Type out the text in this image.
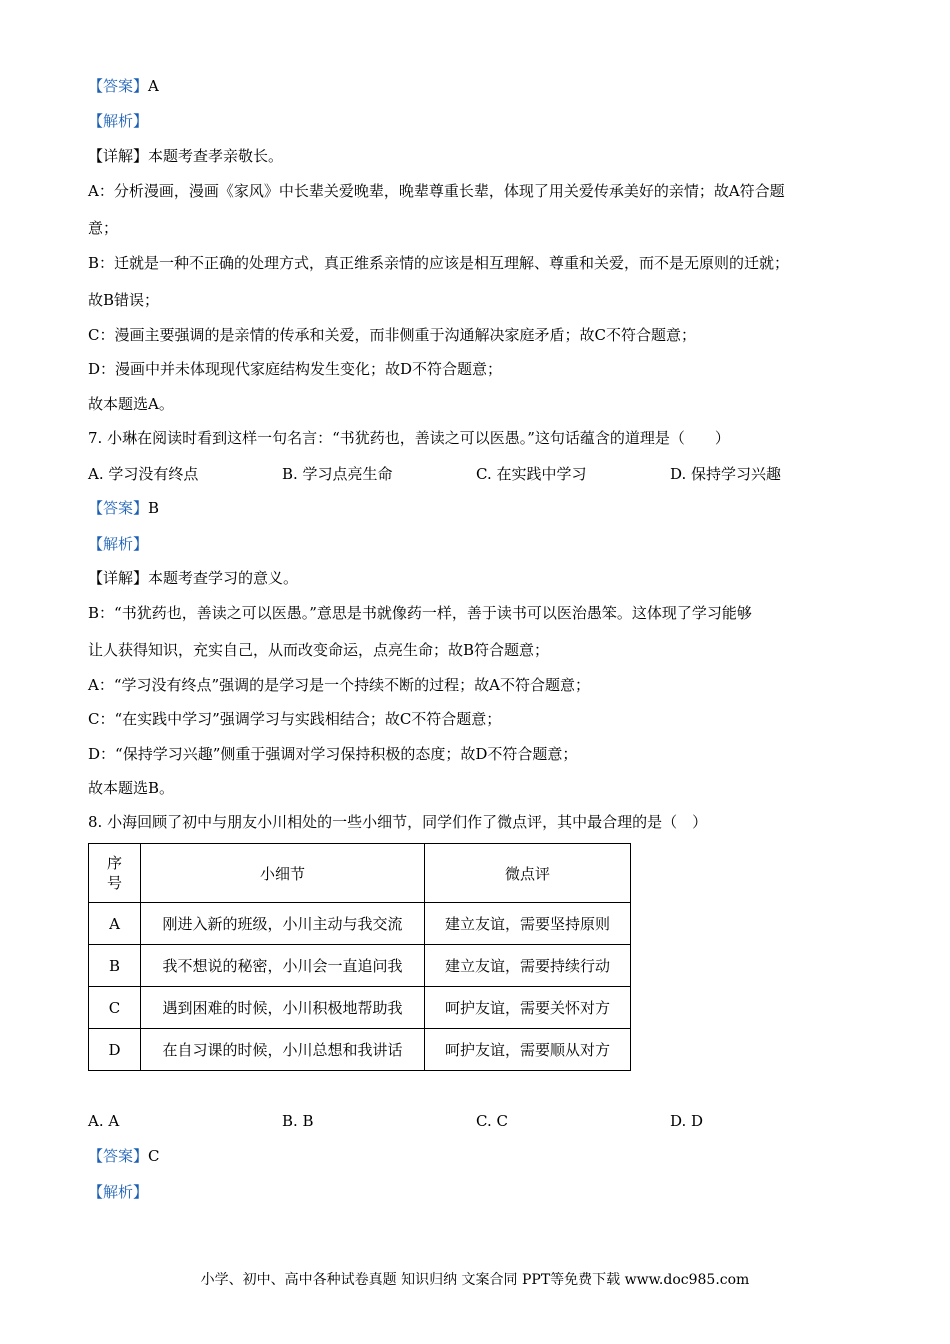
【答案】A
【解析】
【详解】本题考查孝亲敬长。
A：分析漫画，漫画《家风》中长辈关爱晚辈，晚辈尊重长辈，体现了用关爱传承美好的亲情；故A符合题
意；
B：迁就是一种不正确的处理方式，真正维系亲情的应该是相互理解、尊重和关爱，而不是无原则的迁就；
故B错误；
C：漫画主要强调的是亲情的传承和关爱，而非侧重于沟通解决家庭矛盾；故C不符合题意；
D：漫画中并未体现现代家庭结构发生变化；故D不符合题意；
故本题选A。
7. 小琳在阅读时看到这样一句名言：“书犹药也，善读之可以医愚。”这句话蕴含的道理是（　　）
A. 学习没有终点	B. 学习点亮生命	C. 在实践中学习	D. 保持学习兴趣
【答案】B
【解析】
【详解】本题考查学习的意义。
B：“书犹药也，善读之可以医愚。”意思是书就像药一样，善于读书可以医治愚笨。这体现了学习能够
让人获得知识，充实自己，从而改变命运，点亮生命；故B符合题意；
A：“学习没有终点”强调的是学习是一个持续不断的过程；故A不符合题意；
C：“在实践中学习”强调学习与实践相结合；故C不符合题意；
D：“保持学习兴趣”侧重于强调对学习保持积极的态度；故D不符合题意；
故本题选B。
8. 小海回顾了初中与朋友小川相处的一些小细节，同学们作了微点评，其中最合理的是（　）
序号	小细节	微点评
A	刚进入新的班级，小川主动与我交流	建立友谊，需要坚持原则
B	我不想说的秘密，小川会一直追问我	建立友谊，需要持续行动
C	遇到困难的时候，小川积极地帮助我	呵护友谊，需要关怀对方
D	在自习课的时候，小川总想和我讲话	呵护友谊，需要顺从对方
A. A	B. B	C. C	D. D
【答案】C
【解析】
小学、初中、高中各种试卷真题 知识归纳 文案合同 PPT等免费下载 www.doc985.com
